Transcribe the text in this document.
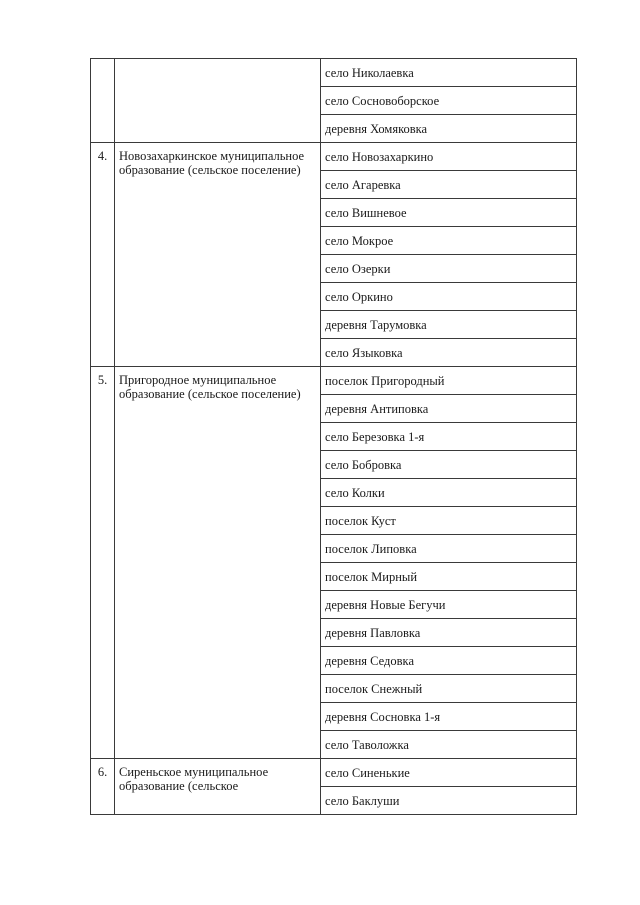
		село Николаевка
		село Сосновоборское
		деревня Хомяковка
4.	Новозахаркинское муниципальное образование (сельское поселение)	село Новозахаркино
		село Агаревка
		село Вишневое
		село Мокрое
		село Озерки
		село Оркино
		деревня Тарумовка
		село Языковка
5.	Пригородное муниципальное образование (сельское поселение)	поселок Пригородный
		деревня Антиповка
		село Березовка 1-я
		село Бобровка
		село Колки
		поселок Куст
		поселок Липовка
		поселок Мирный
		деревня Новые Бегучи
		деревня Павловка
		деревня Седовка
		поселок Снежный
		деревня Сосновка 1-я
		село Таволожка
6.	Сиреньское муниципальное образование (сельское	село Синенькие
		село Баклуши
